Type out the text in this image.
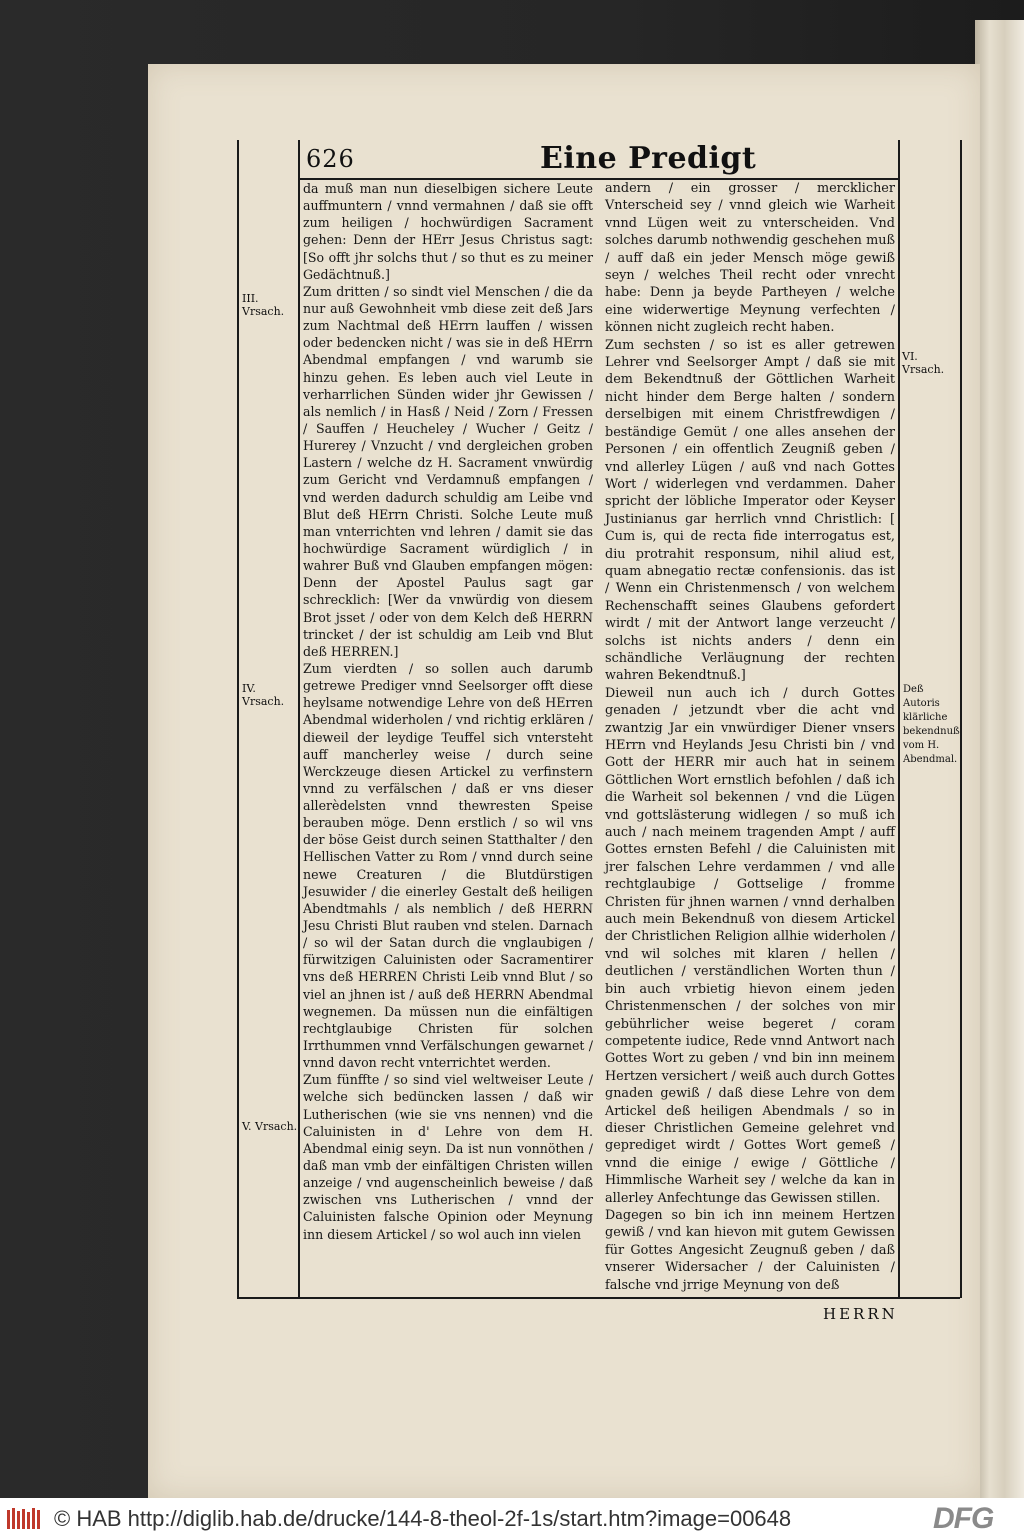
626	Eine Predigt
III. Vrsach.
IV. Vrsach.
V. Vrsach.
VI. Vrsach.
Deß Autoris klärliche bekendnuß vom H. Abendmal.

da muß man nun dieselbigen sichere Leute auffmuntern / vnnd vermahnen / daß sie offt zum heiligen / hochwürdigen Sacrament gehen: Denn der HErr Jesus Christus sagt: [So offt jhr solchs thut / so thut es zu meiner Gedächtnuß.]

Zum dritten / so sindt viel Menschen / die da nur auß Gewohnheit vmb diese zeit deß Jars zum Nachtmal deß HErrn lauffen / wissen oder bedencken nicht / was sie in deß HErrn Abendmal empfangen / vnd warumb sie hinzu gehen. Es leben auch viel Leute in verharrlichen Sünden wider jhr Gewissen / als nemlich / in Hasß / Neid / Zorn / Fressen / Sauffen / Heucheley / Wucher / Geitz / Hurerey / Vnzucht / vnd dergleichen groben Lastern / welche dz H. Sacrament vnwürdig zum Gericht vnd Verdamnuß empfangen / vnd werden dadurch schuldig am Leibe vnd Blut deß HErrn Christi. Solche Leute muß man vnterrichten vnd lehren / damit sie das hochwürdige Sacrament würdiglich / in wahrer Buß vnd Glauben empfangen mögen: Denn der Apostel Paulus sagt gar schrecklich: [Wer da vnwürdig von diesem Brot jsset / oder von dem Kelch deß HERRN trincket / der ist schuldig am Leib vnd Blut deß HERREN.]

Zum vierdten / so sollen auch darumb getrewe Prediger vnnd Seelsorger offt diese heylsame notwendige Lehre von deß HErren Abendmal widerholen / vnd richtig erklären / dieweil der leydige Teuffel sich vntersteht auff mancherley weise / durch seine Werckzeuge diesen Artickel zu verfinstern vnnd zu verfälschen / daß er vns dieser allerèdelsten vnnd thewresten Speise berauben möge. Denn erstlich / so wil vns der böse Geist durch seinen Statthalter / den Hellischen Vatter zu Rom / vnnd durch seine newe Creaturen / die Blutdürstigen Jesuwider / die einerley Gestalt deß heiligen Abendtmahls / als nemblich / deß HERRN Jesu Christi Blut rauben vnd stelen. Darnach / so wil der Satan durch die vnglaubigen / fürwitzigen Caluinisten oder Sacramentirer vns deß HERREN Christi Leib vnnd Blut / so viel an jhnen ist / auß deß HERRN Abendmal wegnemen. Da müssen nun die einfältigen rechtglaubige Christen für solchen Irrthummen vnnd Verfälschungen gewarnet / vnnd davon recht vnterrichtet werden.

Zum fünffte / so sind viel weltweiser Leute / welche sich bedüncken lassen / daß wir Lutherischen (wie sie vns nennen) vnd die Caluinisten in d' Lehre von dem H. Abendmal einig seyn. Da ist nun vonnöthen / daß man vmb der einfältigen Christen willen anzeige / vnd augenscheinlich beweise / daß zwischen vns Lutherischen / vnnd der Caluinisten falsche Opinion oder Meynung inn diesem Artickel / so wol auch inn vielen

andern / ein grosser / mercklicher Vnterscheid sey / vnnd gleich wie Warheit vnnd Lügen weit zu vnterscheiden. Vnd solches darumb nothwendig geschehen muß / auff daß ein jeder Mensch möge gewiß seyn / welches Theil recht oder vnrecht habe: Denn ja beyde Partheyen / welche eine widerwertige Meynung verfechten / können nicht zugleich recht haben.

Zum sechsten / so ist es aller getrewen Lehrer vnd Seelsorger Ampt / daß sie mit dem Bekendtnuß der Göttlichen Warheit nicht hinder dem Berge halten / sondern derselbigen mit einem Christfrewdigen / beständige Gemüt / one alles ansehen der Personen / ein offentlich Zeugniß geben / vnd allerley Lügen / auß vnd nach Gottes Wort / widerlegen vnd verdammen. Daher spricht der löbliche Imperator oder Keyser Justinianus gar herrlich vnnd Christlich: [ Cum is, qui de recta fide interrogatus est, diu protrahit responsum, nihil aliud est, quam abnegatio rectæ confensionis. das ist / Wenn ein Christenmensch / von welchem Rechenschafft seines Glaubens gefordert wirdt / mit der Antwort lange verzeucht / solchs ist nichts anders / denn ein schändliche Verläugnung der rechten wahren Bekendtnuß.]

Dieweil nun auch ich / durch Gottes genaden / jetzundt vber die acht vnd zwantzig Jar ein vnwürdiger Diener vnsers HErrn vnd Heylands Jesu Christi bin / vnd Gott der HERR mir auch hat in seinem Göttlichen Wort ernstlich befohlen / daß ich die Warheit sol bekennen / vnd die Lügen vnd gottslästerung widlegen / so muß ich auch / nach meinem tragenden Ampt / auff Gottes ernsten Befehl / die Caluinisten mit jrer falschen Lehre verdammen / vnd alle rechtglaubige / Gottselige / fromme Christen für jhnen warnen / vnnd derhalben auch mein Bekendnuß von diesem Artickel der Christlichen Religion allhie widerholen / vnd wil solches mit klaren / hellen / deutlichen / verständlichen Worten thun / bin auch vrbietig hievon einem jeden Christenmenschen / der solches von mir gebührlicher weise begeret / coram competente iudice, Rede vnnd Antwort nach Gottes Wort zu geben / vnd bin inn meinem Hertzen versichert / weiß auch durch Gottes gnaden gewiß / daß diese Lehre von dem Artickel deß heiligen Abendmals / so in dieser Christlichen Gemeine gelehret vnd geprediget wirdt / Gottes Wort gemeß / vnnd die einige / ewige / Göttliche / Himmlische Warheit sey / welche da kan in allerley Anfechtunge das Gewissen stillen.

Dagegen so bin ich inn meinem Hertzen gewiß / vnd kan hievon mit gutem Gewissen für Gottes Angesicht Zeugnuß geben / daß vnserer Widersacher / der Caluinisten / falsche vnd jrrige Meynung von deß

HERRN
© HAB http://diglib.hab.de/drucke/144-8-theol-2f-1s/start.htm?image=00648	DFG
